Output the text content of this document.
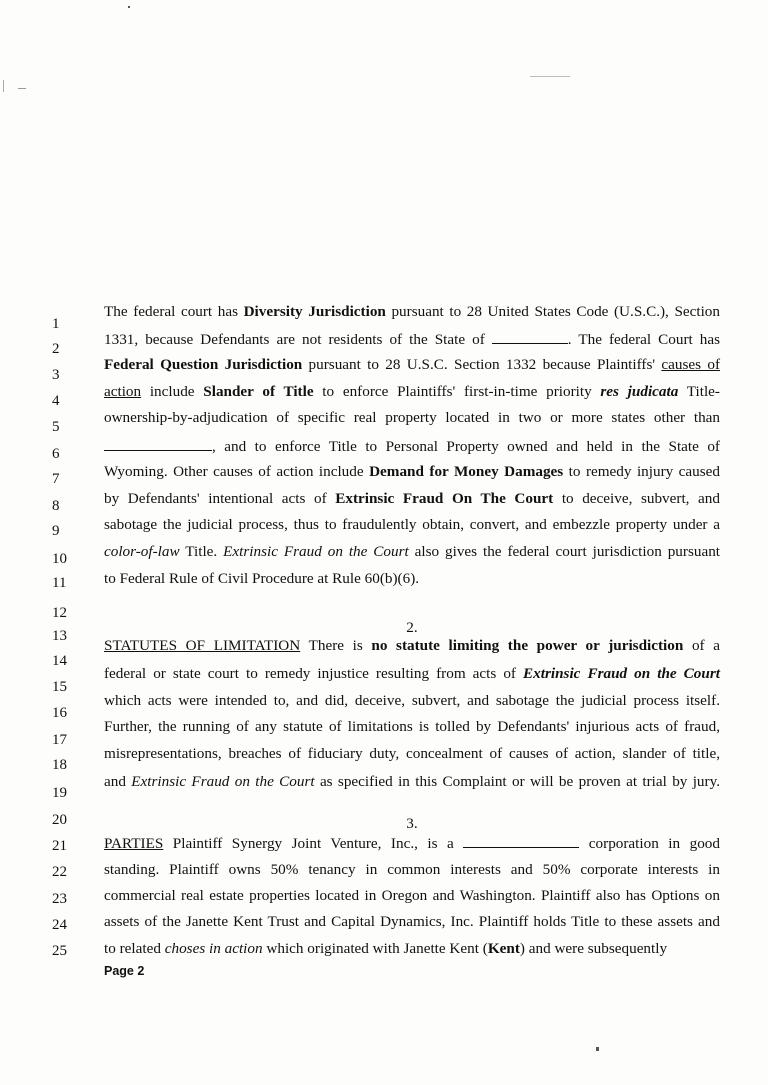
1
2
3
4
5
6
7
8
9
10
11
12
13
14
15
16
17
18
19
20
21
22
23
24
25
The federal court has Diversity Jurisdiction pursuant to 28 United States Code (U.S.C.), Section
1331, because Defendants are not residents of the State of	. The federal Court has
Federal Question Jurisdiction pursuant to 28 U.S.C. Section 1332 because Plaintiffs' causes of
action include Slander of Title to enforce Plaintiffs' first-in-time priority res judicata Title-
ownership-by-adjudication of specific real property located in two or more states other than
, and to enforce Title to Personal Property owned and held in the State of
Wyoming. Other causes of action include Demand for Money Damages to remedy injury caused
by Defendants' intentional acts of Extrinsic Fraud On The Court to deceive, subvert, and
sabotage the judicial process, thus to fraudulently obtain, convert, and embezzle property under a
color-of-law Title. Extrinsic Fraud on the Court also gives the federal court jurisdiction pursuant
to Federal Rule of Civil Procedure at Rule 60(b)(6).
2.
STATUTES OF LIMITATION There is no statute limiting the power or jurisdiction of a
federal or state court to remedy injustice resulting from acts of Extrinsic Fraud on the Court
which acts were intended to, and did, deceive, subvert, and sabotage the judicial process itself.
Further, the running of any statute of limitations is tolled by Defendants' injurious acts of fraud,
misrepresentations, breaches of fiduciary duty, concealment of causes of action, slander of title,
and Extrinsic Fraud on the Court as specified in this Complaint or will be proven at trial by jury.
3.
PARTIES Plaintiff Synergy Joint Venture, Inc., is a	corporation in good
standing. Plaintiff owns 50% tenancy in common interests and 50% corporate interests in
commercial real estate properties located in Oregon and Washington. Plaintiff also has Options on
assets of the Janette Kent Trust and Capital Dynamics, Inc. Plaintiff holds Title to these assets and
to related choses in action which originated with Janette Kent (Kent) and were subsequently
Page 2
